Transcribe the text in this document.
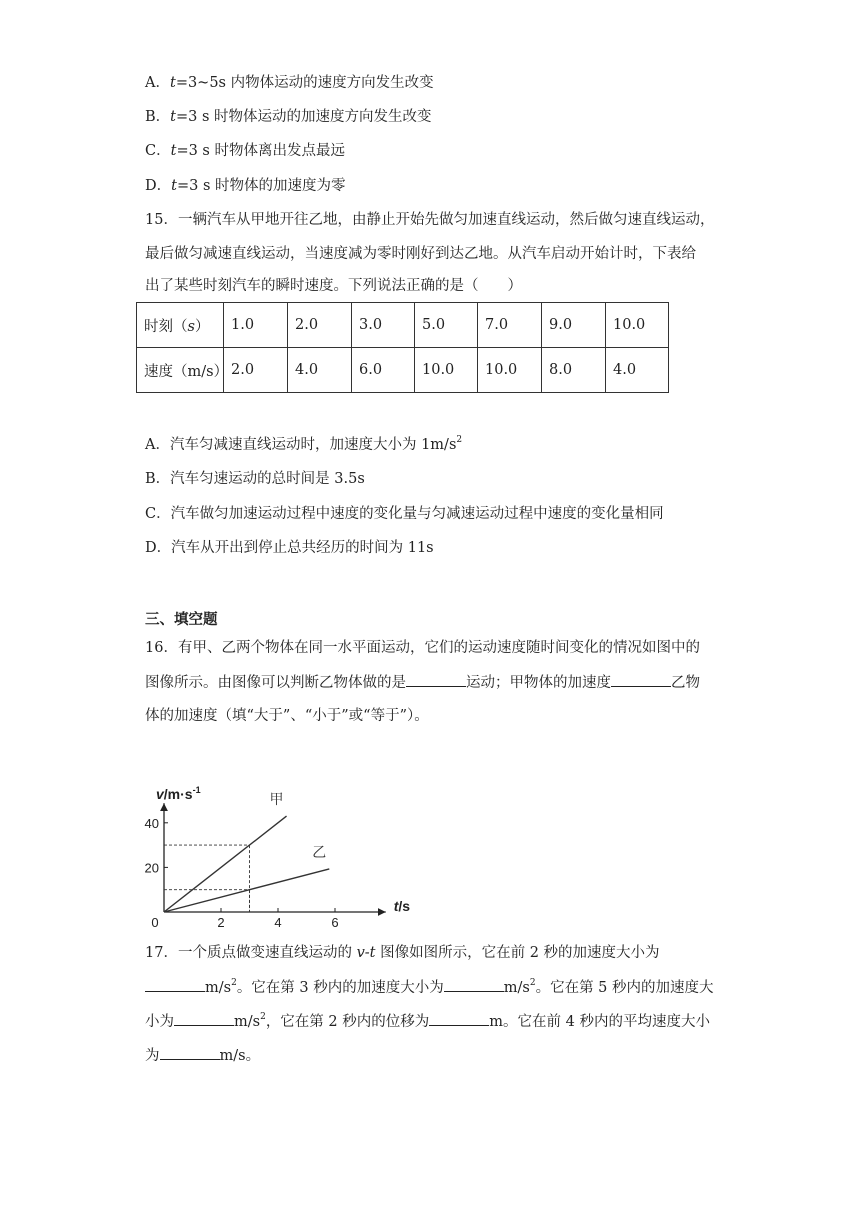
A．t=3~5s 内物体运动的速度方向发生改变
B．t=3 s 时物体运动的加速度方向发生改变
C．t=3 s 时物体离出发点最远
D．t=3 s 时物体的加速度为零
15．一辆汽车从甲地开往乙地，由静止开始先做匀加速直线运动，然后做匀速直线运动，
最后做匀减速直线运动，当速度减为零时刚好到达乙地。从汽车启动开始计时，下表给
出了某些时刻汽车的瞬时速度。下列说法正确的是（　　）
时刻（s）	1.0	2.0	3.0	5.0	7.0	9.0	10.0
速度（m/s）	2.0	4.0	6.0	10.0	10.0	8.0	4.0
A．汽车匀减速直线运动时，加速度大小为 $1m/s^2$
B．汽车匀速运动的总时间是 3.5s
C．汽车做匀加速运动过程中速度的变化量与匀减速运动过程中速度的变化量相同
D．汽车从开出到停止总共经历的时间为 11s
三、填空题
16．有甲、乙两个物体在同一水平面运动，它们的运动速度随时间变化的情况如图中的
图像所示。由图像可以判断乙物体做的是	运动；甲物体的加速度	乙物
体的加速度（填“大于”、“小于”或“等于”）。
2	4	6
20
40
0
甲
乙
$v/m\cdot s^{-1}$
t/s
17．一个质点做变速直线运动的 v-t 图像如图所示，它在前 2 秒的加速度大小为
$m/s^2$。它在第 3 秒内的加速度大小为	$m/s^2$。它在第 5 秒内的加速度大
小为	$m/s^2$，它在第 2 秒内的位移为	m。它在前 4 秒内的平均速度大小
为	m/s。
